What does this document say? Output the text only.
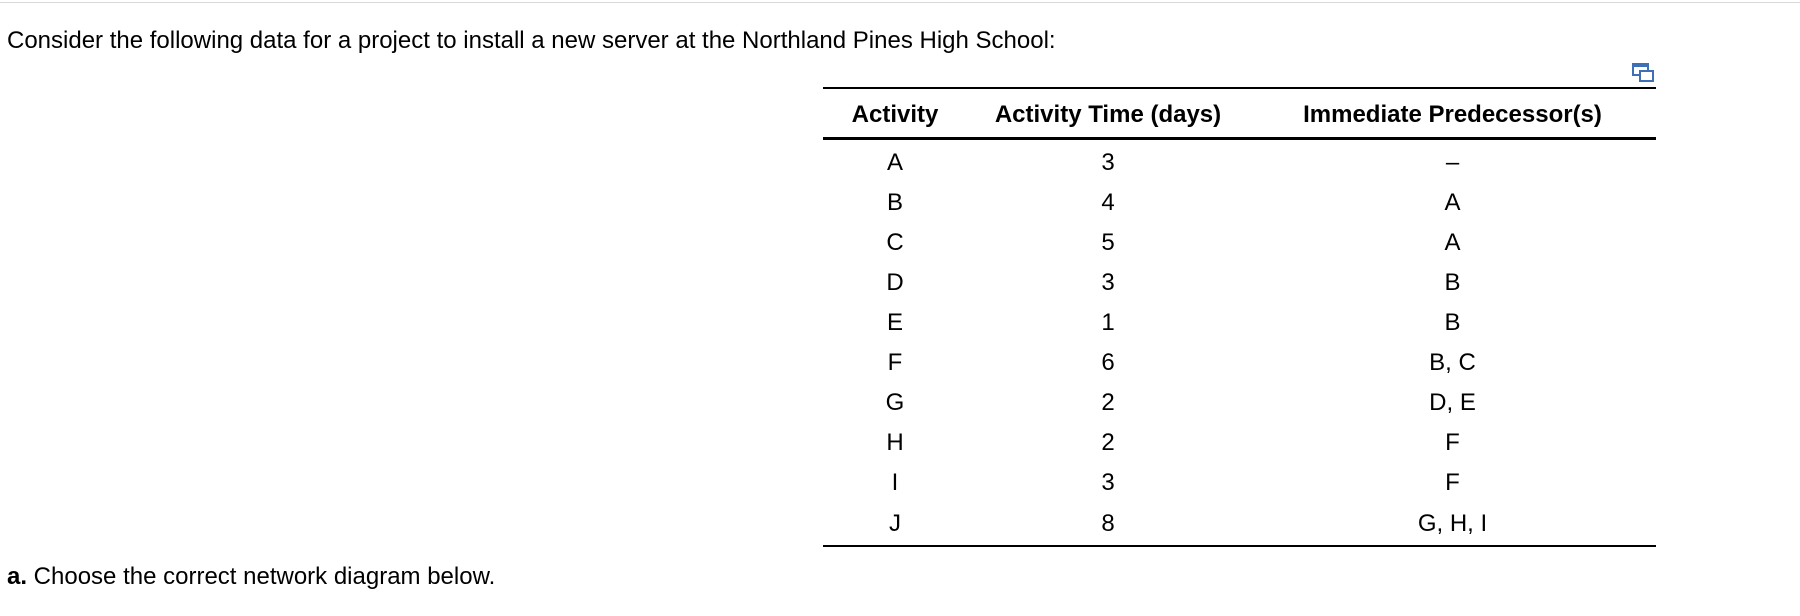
Consider the following data for a project to install a new server at the Northland Pines High School:
Activity	Activity Time (days)	Immediate Predecessor(s)
A	3	–
B	4	A
C	5	A
D	3	B
E	1	B
F	6	B, C
G	2	D, E
H	2	F
I	3	F
J	8	G, H, I
a. Choose the correct network diagram below.
